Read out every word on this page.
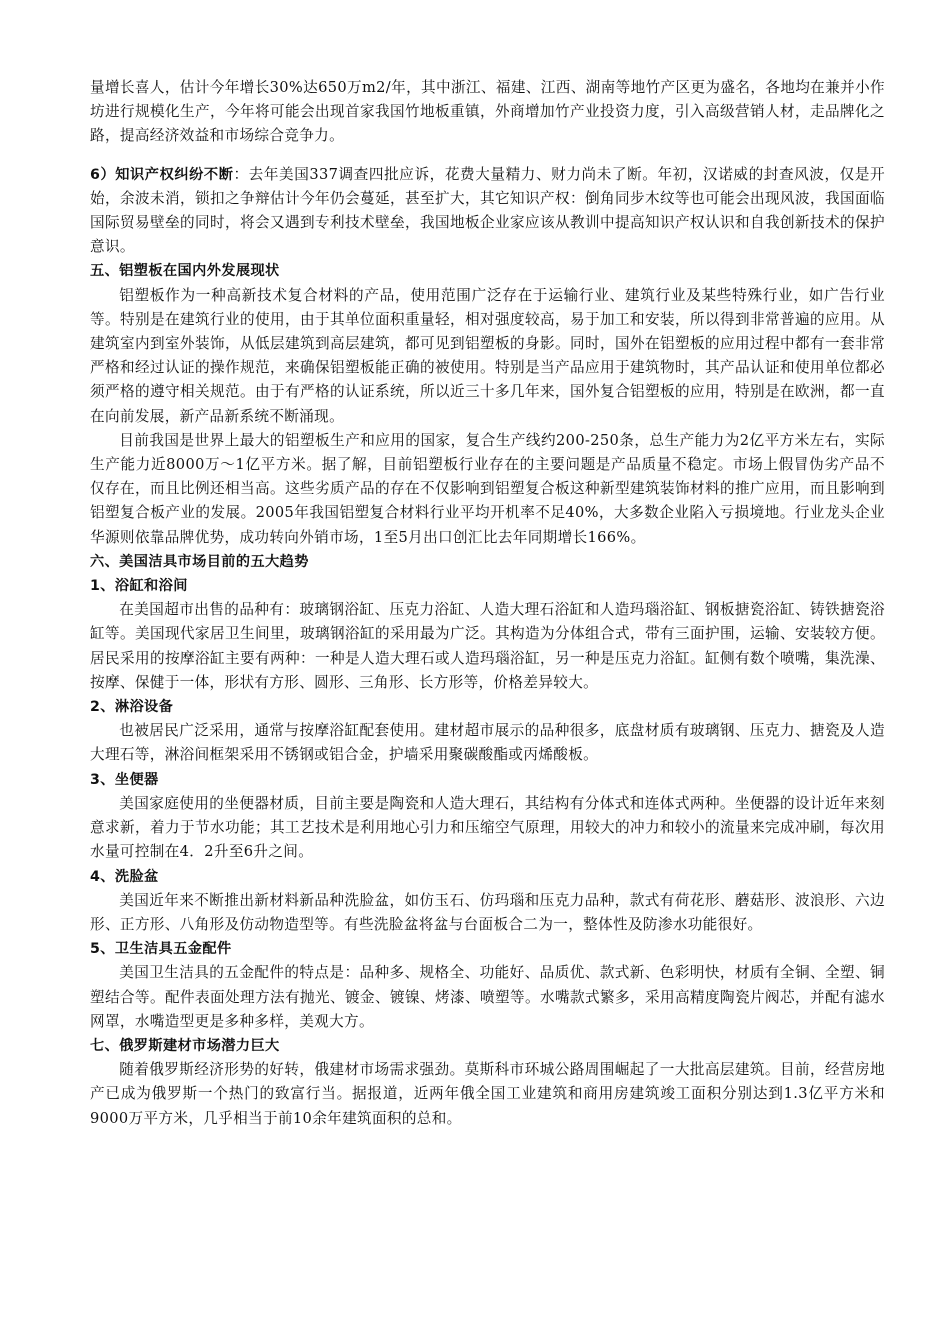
量增长喜人，估计今年增长30%达650万m2/年，其中浙江、福建、江西、湖南等地竹产区更为盛名，各地均在兼并小作坊进行规模化生产，今年将可能会出现首家我国竹地板重镇，外商增加竹产业投资力度，引入高级营销人材，走品牌化之路，提高经济效益和市场综合竞争力。

6）知识产权纠纷不断：去年美国337调查四批应诉，花费大量精力、财力尚未了断。年初，汉诺威的封查风波，仅是开始，余波未消，锁扣之争辩估计今年仍会蔓延，甚至扩大，其它知识产权：倒角同步木纹等也可能会出现风波，我国面临国际贸易壁垒的同时，将会又遇到专利技术壁垒，我国地板企业家应该从教训中提高知识产权认识和自我创新技术的保护意识。

五、铝塑板在国内外发展现状

铝塑板作为一种高新技术复合材料的产品，使用范围广泛存在于运输行业、建筑行业及某些特殊行业，如广告行业等。特别是在建筑行业的使用，由于其单位面积重量轻，相对强度较高，易于加工和安装，所以得到非常普遍的应用。从建筑室内到室外装饰，从低层建筑到高层建筑，都可见到铝塑板的身影。同时，国外在铝塑板的应用过程中都有一套非常严格和经过认证的操作规范，来确保铝塑板能正确的被使用。特别是当产品应用于建筑物时，其产品认证和使用单位都必须严格的遵守相关规范。由于有严格的认证系统，所以近三十多几年来，国外复合铝塑板的应用，特别是在欧洲，都一直在向前发展，新产品新系统不断涌现。

目前我国是世界上最大的铝塑板生产和应用的国家，复合生产线约200-250条，总生产能力为2亿平方米左右，实际生产能力近8000万～1亿平方米。据了解，目前铝塑板行业存在的主要问题是产品质量不稳定。市场上假冒伪劣产品不仅存在，而且比例还相当高。这些劣质产品的存在不仅影响到铝塑复合板这种新型建筑装饰材料的推广应用，而且影响到铝塑复合板产业的发展。2005年我国铝塑复合材料行业平均开机率不足40%，大多数企业陷入亏损境地。行业龙头企业华源则依靠品牌优势，成功转向外销市场，1至5月出口创汇比去年同期增长166%。

六、美国洁具市场目前的五大趋势

1、浴缸和浴间

在美国超市出售的品种有：玻璃钢浴缸、压克力浴缸、人造大理石浴缸和人造玛瑙浴缸、钢板搪瓷浴缸、铸铁搪瓷浴缸等。美国现代家居卫生间里，玻璃钢浴缸的采用最为广泛。其构造为分体组合式，带有三面护围，运输、安装较方便。居民采用的按摩浴缸主要有两种：一种是人造大理石或人造玛瑙浴缸，另一种是压克力浴缸。缸侧有数个喷嘴，集洗澡、按摩、保健于一体，形状有方形、圆形、三角形、长方形等，价格差异较大。

2、淋浴设备

也被居民广泛采用，通常与按摩浴缸配套使用。建材超市展示的品种很多，底盘材质有玻璃钢、压克力、搪瓷及人造大理石等，淋浴间框架采用不锈钢或铝合金，护墙采用聚碳酸酯或丙烯酸板。

3、坐便器

美国家庭使用的坐便器材质，目前主要是陶瓷和人造大理石，其结构有分体式和连体式两种。坐便器的设计近年来刻意求新，着力于节水功能；其工艺技术是利用地心引力和压缩空气原理，用较大的冲力和较小的流量来完成冲刷，每次用水量可控制在4．2升至6升之间。

4、洗脸盆

美国近年来不断推出新材料新品种洗脸盆，如仿玉石、仿玛瑙和压克力品种，款式有荷花形、蘑菇形、波浪形、六边形、正方形、八角形及仿动物造型等。有些洗脸盆将盆与台面板合二为一，整体性及防渗水功能很好。

5、卫生洁具五金配件

美国卫生洁具的五金配件的特点是：品种多、规格全、功能好、品质优、款式新、色彩明快，材质有全铜、全塑、铜塑结合等。配件表面处理方法有抛光、镀金、镀镍、烤漆、喷塑等。水嘴款式繁多，采用高精度陶瓷片阀芯，并配有滤水网罩，水嘴造型更是多种多样，美观大方。

七、俄罗斯建材市场潜力巨大

随着俄罗斯经济形势的好转，俄建材市场需求强劲。莫斯科市环城公路周围崛起了一大批高层建筑。目前，经营房地产已成为俄罗斯一个热门的致富行当。据报道，近两年俄全国工业建筑和商用房建筑竣工面积分别达到1.3亿平方米和9000万平方米，几乎相当于前10余年建筑面积的总和。
